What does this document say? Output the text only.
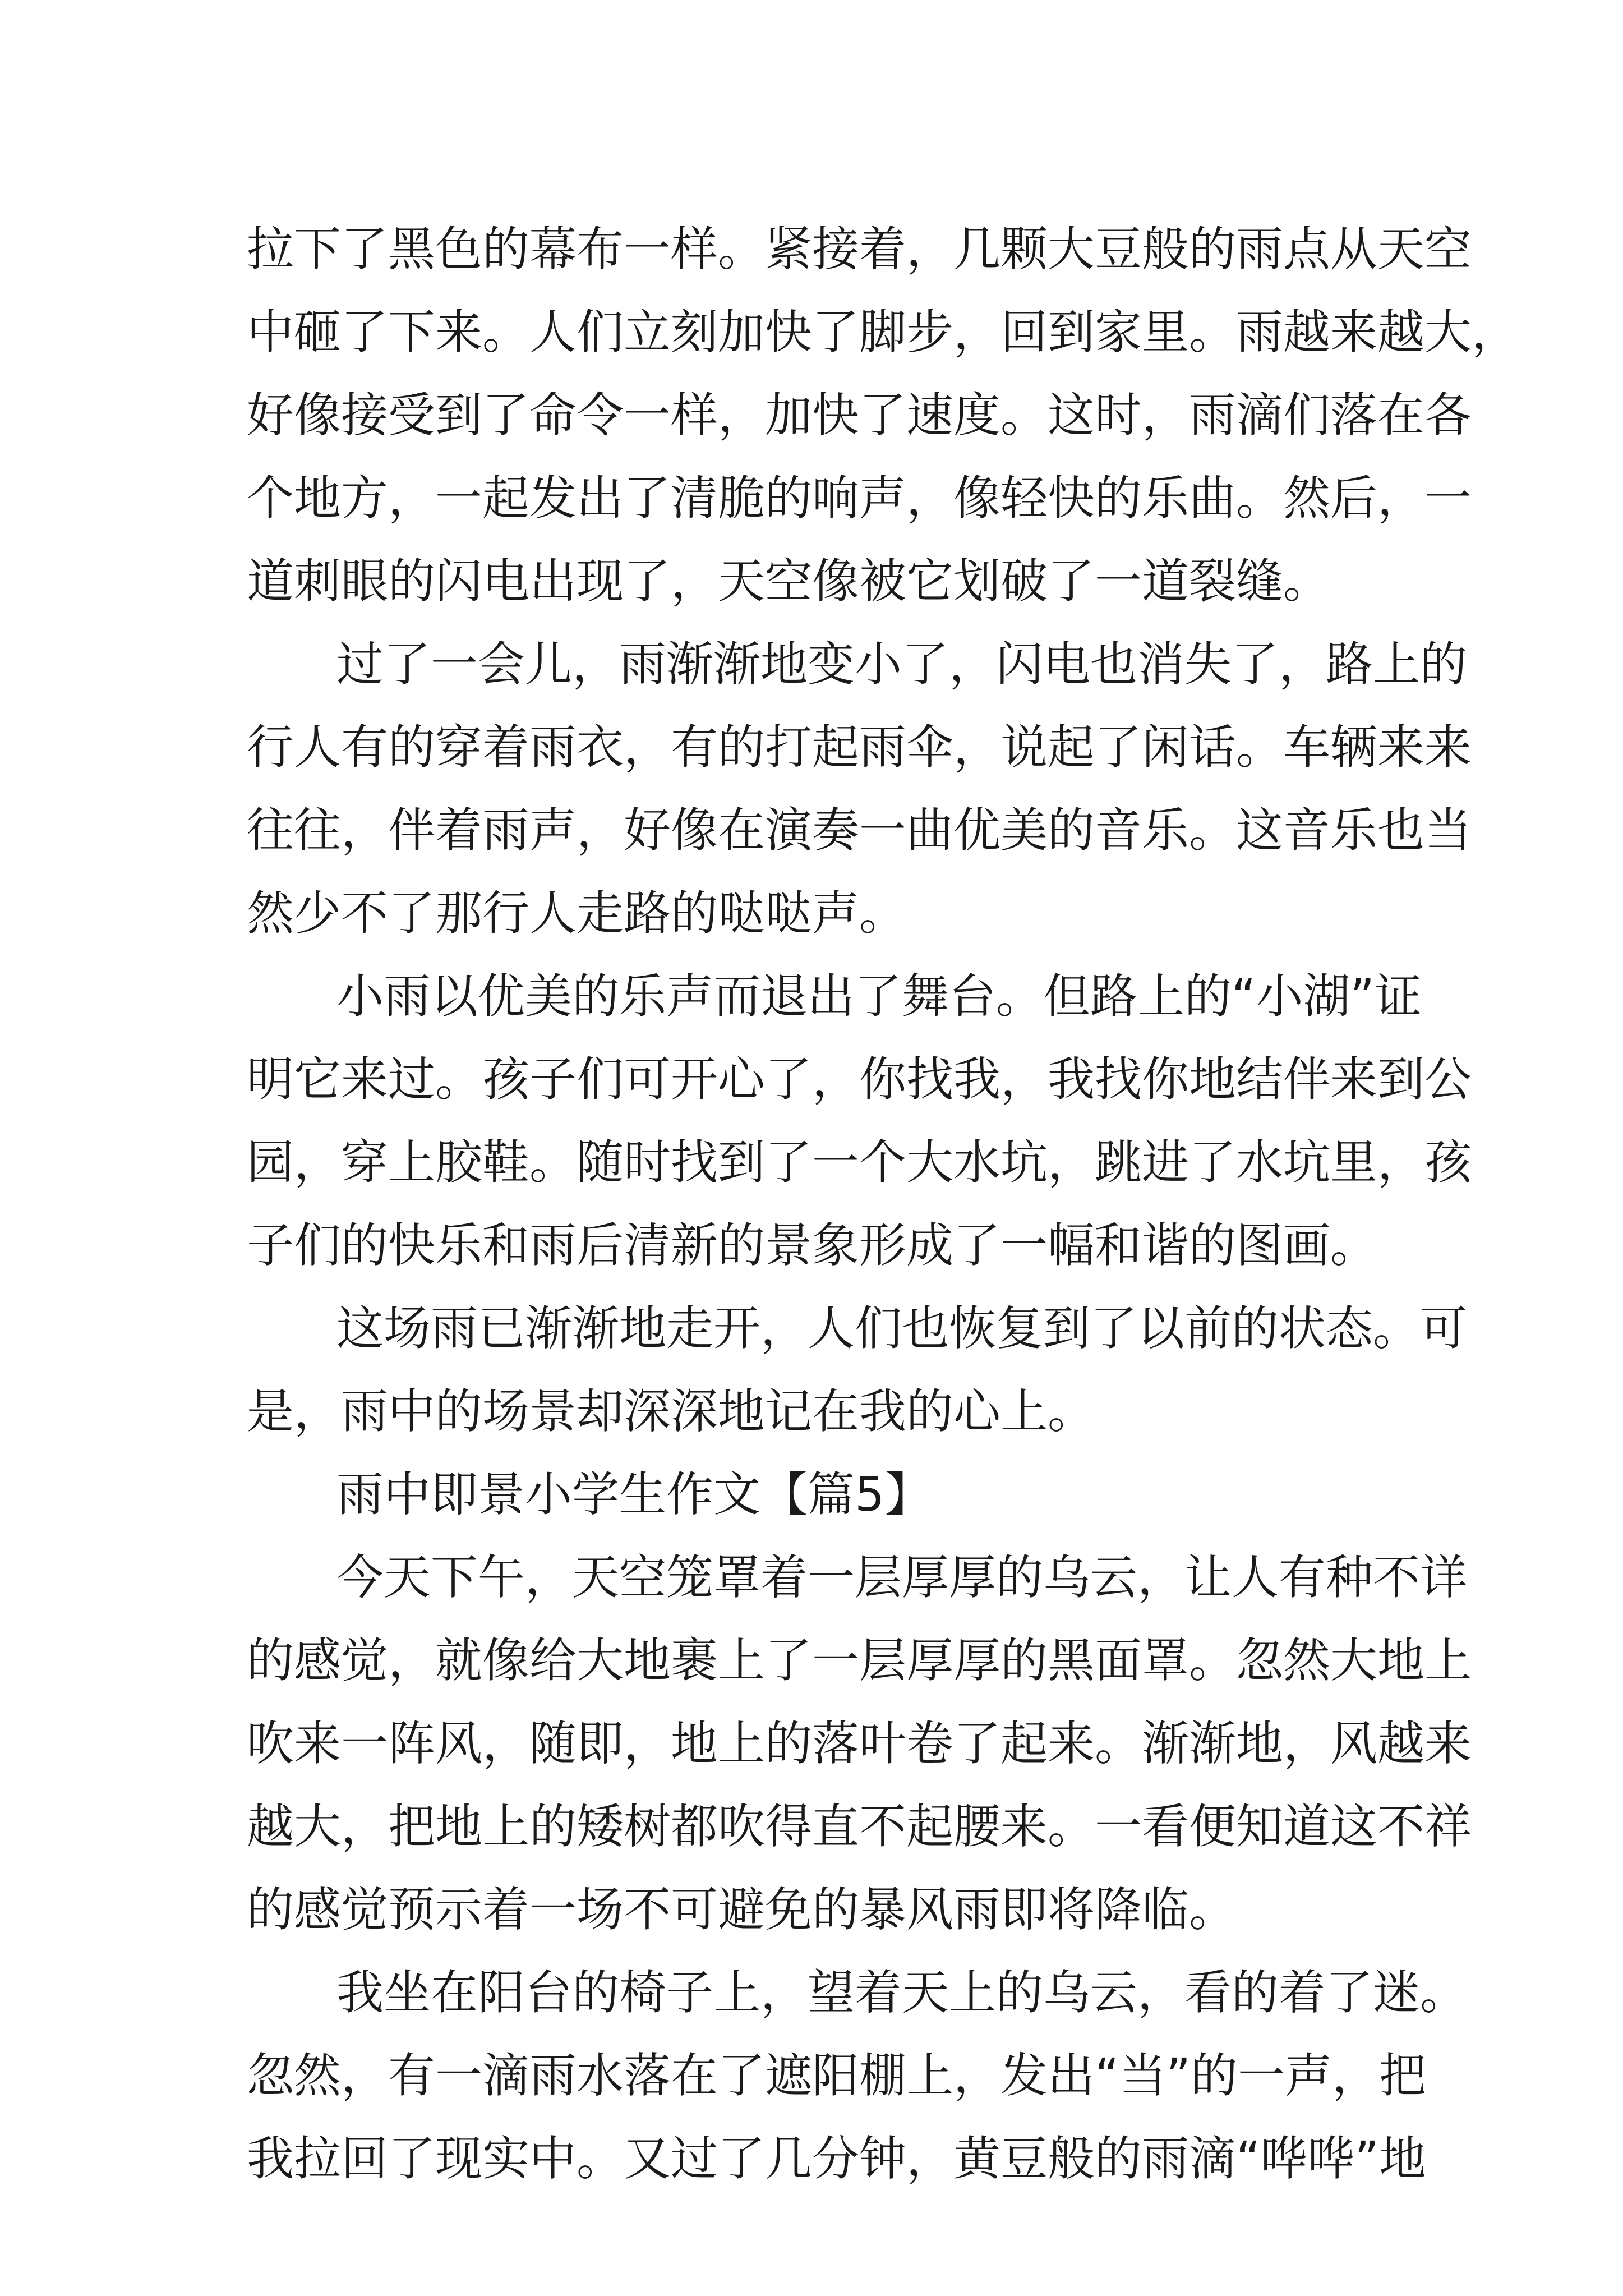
拉下了黑色的幕布一样。紧接着，几颗大豆般的雨点从天空
中砸了下来。人们立刻加快了脚步，回到家里。雨越来越大，
好像接受到了命令一样，加快了速度。这时，雨滴们落在各
个地方，一起发出了清脆的响声，像轻快的乐曲。然后，一
道刺眼的闪电出现了，天空像被它划破了一道裂缝。
过了一会儿，雨渐渐地变小了，闪电也消失了，路上的
行人有的穿着雨衣，有的打起雨伞，说起了闲话。车辆来来
往往，伴着雨声，好像在演奏一曲优美的音乐。这音乐也当
然少不了那行人走路的哒哒声。
小雨以优美的乐声而退出了舞台。但路上的“小湖”证
明它来过。孩子们可开心了，你找我，我找你地结伴来到公
园，穿上胶鞋。随时找到了一个大水坑，跳进了水坑里，孩
子们的快乐和雨后清新的景象形成了一幅和谐的图画。
这场雨已渐渐地走开，人们也恢复到了以前的状态。可
是，雨中的场景却深深地记在我的心上。
雨中即景小学生作文【篇5】
今天下午，天空笼罩着一层厚厚的乌云，让人有种不详
的感觉，就像给大地裹上了一层厚厚的黑面罩。忽然大地上
吹来一阵风，随即，地上的落叶卷了起来。渐渐地，风越来
越大，把地上的矮树都吹得直不起腰来。一看便知道这不祥
的感觉预示着一场不可避免的暴风雨即将降临。
我坐在阳台的椅子上，望着天上的乌云，看的着了迷。
忽然，有一滴雨水落在了遮阳棚上，发出“当”的一声，把
我拉回了现实中。又过了几分钟，黄豆般的雨滴“哗哗”地
